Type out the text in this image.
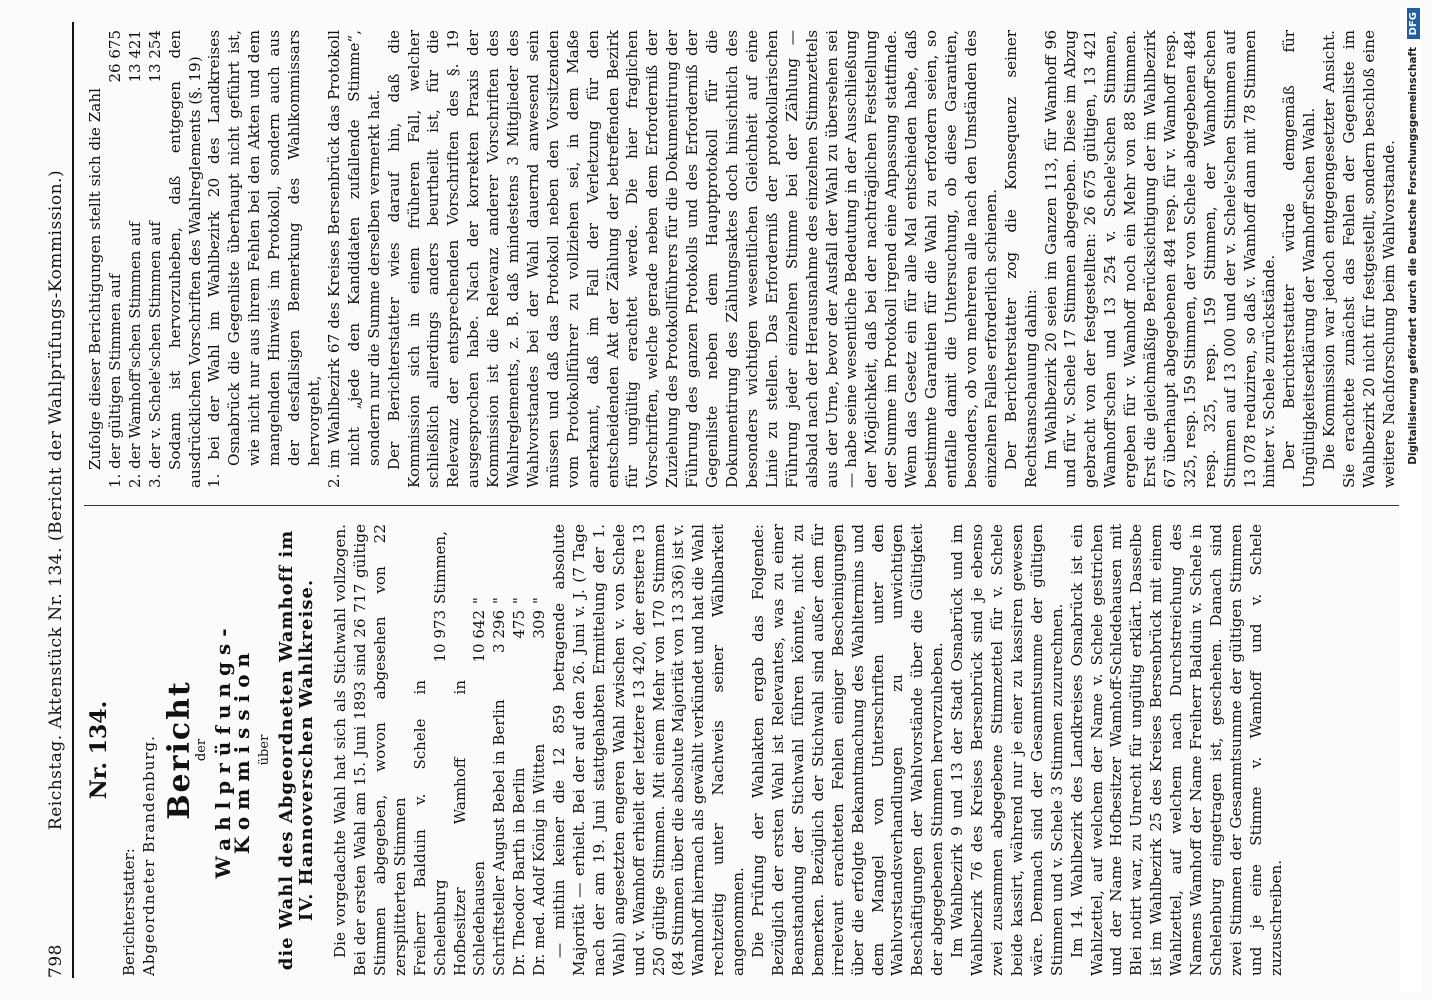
798
Reichstag. Aktenstück Nr. 134. (Bericht der Wahlprüfungs-Kommission.) Nr. 134.
Berichterstatter: Abgeordneter Brandenburg. Bericht
der Wahlprüfungs-Kommission über die Wahl des Abgeordneten Wamhoff im IV. Hannoverschen Wahlkreise. Die vorgedachte Wahl hat sich als Stichwahl vollzogen. Bei der ersten Wahl am 15. Juni 1893 sind 26 717 gültige Stimmen abgegeben, wovon abgesehen von 22 zersplitterten Stimmen Freiherr Balduin v. Schele in Schelenburg	10 973	Stimmen,
Hofbesitzer Wamhoff in Schledehausen	10 642	"
Schriftsteller August Bebel in Berlin	3 296	"
Dr. Theodor Barth in Berlin	475	"
Dr. med. Adolf König in Witten	309	" — mithin keiner die 12 859 betragende absolute Majorität — erhielt. Bei der auf den 26. Juni v. J. (7 Tage nach der am 19. Juni stattgehabten Ermittelung der 1. Wahl) angesetzten engeren Wahl zwischen v. von Schele und v. Wamhoff erhielt der letztere 13 420, der erstere 13 250 gültige Stimmen. Mit einem Mehr von 170 Stimmen (84 Stimmen über die absolute Majorität von 13 336) ist v. Wamhoff hiernach als gewählt verkündet und hat die Wahl rechtzeitig unter Nachweis seiner Wählbarkeit angenommen. Die Prüfung der Wahlakten ergab das Folgende: Bezüglich der ersten Wahl ist Relevantes, was zu einer Beanstandung der Stichwahl führen könnte, nicht zu bemerken. Bezüglich der Stichwahl sind außer dem für irrelevant erachteten Fehlen einiger Bescheinigungen über die erfolgte Bekanntmachung des Wahltermins und dem Mangel von Unterschriften unter den Wahlvorstandsverhandlungen zu unwichtigen Beschäftigungen der Wahlvorstände über die Gültigkeit der abgegebenen Stimmen hervorzuheben. Im Wahlbezirk 9 und 13 der Stadt Osnabrück und im Wahlbezirk 76 des Kreises Bersenbrück sind je ebenso zwei zusammen abgegebene Stimmzettel für v. Schele beide kassirt, während nur je einer zu kassiren gewesen wäre. Demnach sind der Gesammtsumme der gültigen Stimmen und v. Schele 3 Stimmen zuzurechnen. Im 14. Wahlbezirk des Landkreises Osnabrück ist ein Wahlzettel, auf welchem der Name v. Schele gestrichen und der Name Hofbesitzer Wamhoff-Schledehausen mit Blei notirt war, zu Unrecht für ungültig erklärt. Dasselbe ist im Wahlbezirk 25 des Kreises Bersenbrück mit einem Wahlzettel, auf welchem nach Durchstreichung des Namens Wamhoff der Name Freiherr Balduin v. Schele in Schelenburg eingetragen ist, geschehen. Danach sind zwei Stimmen der Gesammtsumme der gültigen Stimmen und je eine Stimme v. Wamhoff und v. Schele zuzuschreiben.

Zufolge dieser Berichtigungen stellt sich die Zahl 1. der gültigen Stimmen auf	26 675
2. der Wamhoff'schen Stimmen auf	13 421
3. der v. Schele'schen Stimmen auf	13 254 Sodann ist hervorzuheben, daß entgegen den ausdrücklichen Vorschriften des Wahlreglements (§. 19) 1. bei der Wahl im Wahlbezirk 20 des Landkreises Osnabrück die Gegenliste überhaupt nicht geführt ist, wie nicht nur aus ihrem Fehlen bei den Akten und dem mangelnden Hinweis im Protokoll, sondern auch aus der desfallsigen Bemerkung des Wahlkommissars hervorgeht, 2. im Wahlbezirk 67 des Kreises Bersenbrück das Protokoll nicht „jede den Kandidaten zufallende Stimme“, sondern nur die Summe derselben vermerkt hat. Der Berichterstatter wies darauf hin, daß die Kommission sich in einem früheren Fall, welcher schließlich allerdings anders beurtheilt ist, für die Relevanz der entsprechenden Vorschriften des §. 19 ausgesprochen habe. Nach der korrekten Praxis der Kommission ist die Relevanz anderer Vorschriften des Wahlreglements, z. B. daß mindestens 3 Mitglieder des Wahlvorstandes bei der Wahl dauernd anwesend sein müssen und daß das Protokoll neben den Vorsitzenden vom Protokollführer zu vollziehen sei, in dem Maße anerkannt, daß im Fall der Verletzung für den entscheidenden Akt der Zählung der betreffenden Bezirk für ungültig erachtet werde. Die hier fraglichen Vorschriften, welche gerade neben dem Erforderniß der Zuziehung des Protokollführers für die Dokumentirung der Führung des ganzen Protokolls und des Erforderniß der Gegenliste neben dem Hauptprotokoll für die Dokumentirung des Zählungsaktes doch hinsichtlich des besonders wichtigen wesentlichen Gleichheit auf eine Linie zu stellen. Das Erforderniß der protokollarischen Führung jeder einzelnen Stimme bei der Zählung — alsbald nach der Herausnahme des einzelnen Stimmzettels aus der Urne, bevor der Ausfall der Wahl zu übersehen sei — habe seine wesentliche Bedeutung in der Ausschließung der Möglichkeit, daß bei der nachträglichen Feststellung der Summe im Protokoll irgend eine Anpassung stattfinde. Wenn das Gesetz ein für alle Mal entschieden habe, daß bestimmte Garantien für die Wahl zu erfordern seien, so entfalle damit die Untersuchung, ob diese Garantien, besonders, ob von mehreren alle nach den Umständen des einzelnen Falles erforderlich schienen. Der Berichterstatter zog die Konsequenz seiner Rechtsanschauung dahin: Im Wahlbezirk 20 seien im Ganzen 113, für Wamhoff 96 und für v. Schele 17 Stimmen abgegeben. Diese im Abzug gebracht von der festgestellten: 26 675 gültigen, 13 421 Wamhoff'schen und 13 254 v. Schele'schen Stimmen, ergeben für v. Wamhoff noch ein Mehr von 88 Stimmen. Erst die gleichmäßige Berücksichtigung der im Wahlbezirk 67 überhaupt abgegebenen 484 resp. für v. Wamhoff resp. 325, resp. 159 Stimmen, der von Schele abgegebenen 484 resp. 325, resp. 159 Stimmen, der Wamhoff'schen Stimmen auf 13 000 und der v. Schele'schen Stimmen auf 13 078 reduziren, so daß v. Wamhoff dann mit 78 Stimmen hinter v. Schele zurückstände. Der Berichterstatter würde demgemäß für Ungültigkeitserklärung der Wamhoff'schen Wahl. Die Kommission war jedoch entgegengesetzter Ansicht. Sie erachtete zunächst das Fehlen der Gegenliste im Wahlbezirk 20 nicht für festgestellt, sondern beschloß eine weitere Nachforschung beim Wahlvorstande. Digitalisierung gefördert durch die Deutsche Forschungsgemeinschaft DFG
